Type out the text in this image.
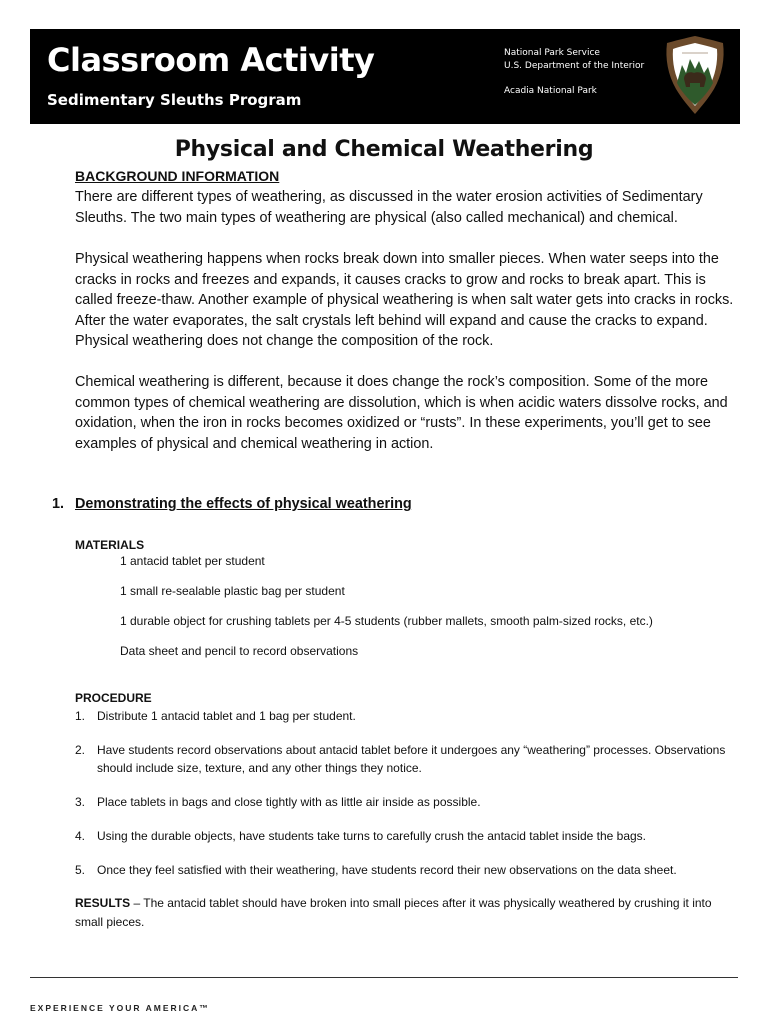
Classroom Activity
Sedimentary Sleuths Program
National Park Service
U.S. Department of the Interior
Acadia National Park
Physical and Chemical Weathering
BACKGROUND INFORMATION

There are different types of weathering, as discussed in the water erosion activities of Sedimentary Sleuths. The two main types of weathering are physical (also called mechanical) and chemical.

Physical weathering happens when rocks break down into smaller pieces. When water seeps into the cracks in rocks and freezes and expands, it causes cracks to grow and rocks to break apart. This is called freeze-thaw. Another example of physical weathering is when salt water gets into cracks in rocks. After the water evaporates, the salt crystals left behind will expand and cause the cracks to expand. Physical weathering does not change the composition of the rock.

Chemical weathering is different, because it does change the rock’s composition. Some of the more common types of chemical weathering are dissolution, which is when acidic waters dissolve rocks, and oxidation, when the iron in rocks becomes oxidized or “rusts”. In these experiments, you’ll get to see examples of physical and chemical weathering in action.

1. Demonstrating the effects of physical weathering
MATERIALS
1 antacid tablet per student
1 small re-sealable plastic bag per student
1 durable object for crushing tablets per 4-5 students (rubber mallets, smooth palm-sized rocks, etc.)
Data sheet and pencil to record observations
PROCEDURE
1. Distribute 1 antacid tablet and 1 bag per student.
2. Have students record observations about antacid tablet before it undergoes any “weathering” processes. Observations should include size, texture, and any other things they notice.
3. Place tablets in bags and close tightly with as little air inside as possible.
4. Using the durable objects, have students take turns to carefully crush the antacid tablet inside the bags.
5. Once they feel satisfied with their weathering, have students record their new observations on the data sheet.
RESULTS – The antacid tablet should have broken into small pieces after it was physically weathered by crushing it into small pieces.
EXPERIENCE YOUR AMERICA™
